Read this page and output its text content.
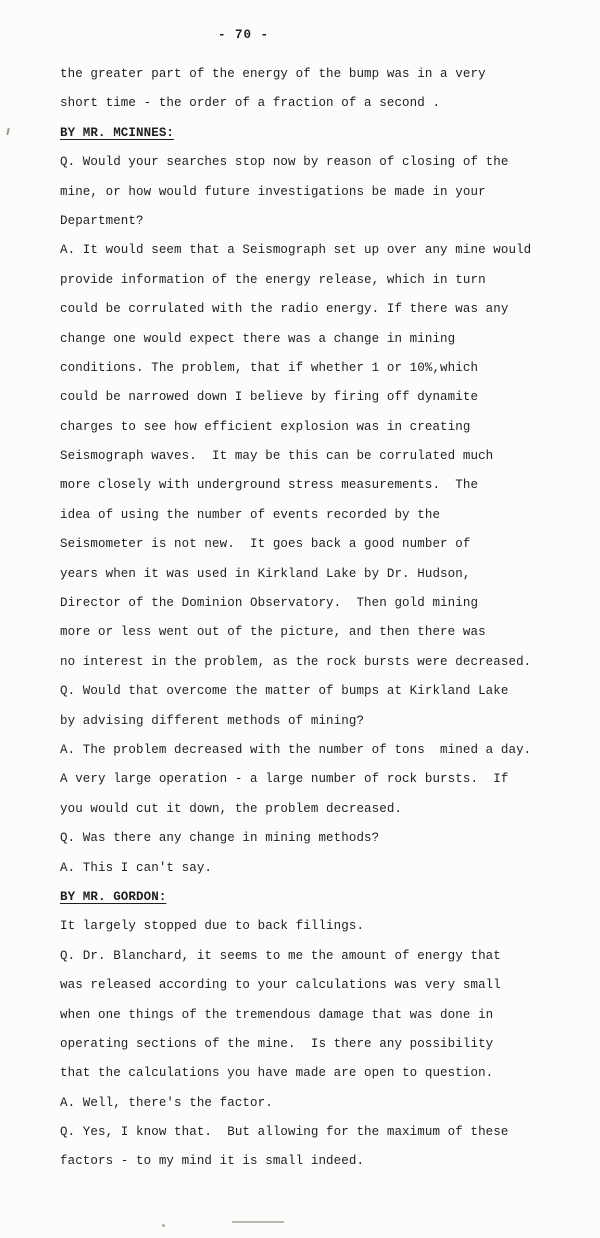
- 70 -
the greater part of the energy of the bump was in a very
short time - the order of a fraction of a second .
BY MR. MCINNES:
Q. Would your searches stop now by reason of closing of the
mine, or how would future investigations be made in your
Department?
A. It would seem that a Seismograph set up over any mine would
provide information of the energy release, which in turn
could be corrulated with the radio energy. If there was any
change one would expect there was a change in mining
conditions. The problem, that if whether 1 or 10%,which
could be narrowed down I believe by firing off dynamite
charges to see how efficient explosion was in creating
Seismograph waves.  It may be this can be corrulated much
more closely with underground stress measurements.  The
idea of using the number of events recorded by the
Seismometer is not new.  It goes back a good number of
years when it was used in Kirkland Lake by Dr. Hudson,
Director of the Dominion Observatory.  Then gold mining
more or less went out of the picture, and then there was
no interest in the problem, as the rock bursts were decreased.
Q. Would that overcome the matter of bumps at Kirkland Lake
by advising different methods of mining?
A. The problem decreased with the number of tons  mined a day.
A very large operation - a large number of rock bursts.  If
you would cut it down, the problem decreased.
Q. Was there any change in mining methods?
A. This I can't say.
BY MR. GORDON:
It largely stopped due to back fillings.
Q. Dr. Blanchard, it seems to me the amount of energy that
was released according to your calculations was very small
when one things of the tremendous damage that was done in
operating sections of the mine.  Is there any possibility
that the calculations you have made are open to question.
A. Well, there's the factor.
Q. Yes, I know that.  But allowing for the maximum of these
factors - to my mind it is small indeed.
